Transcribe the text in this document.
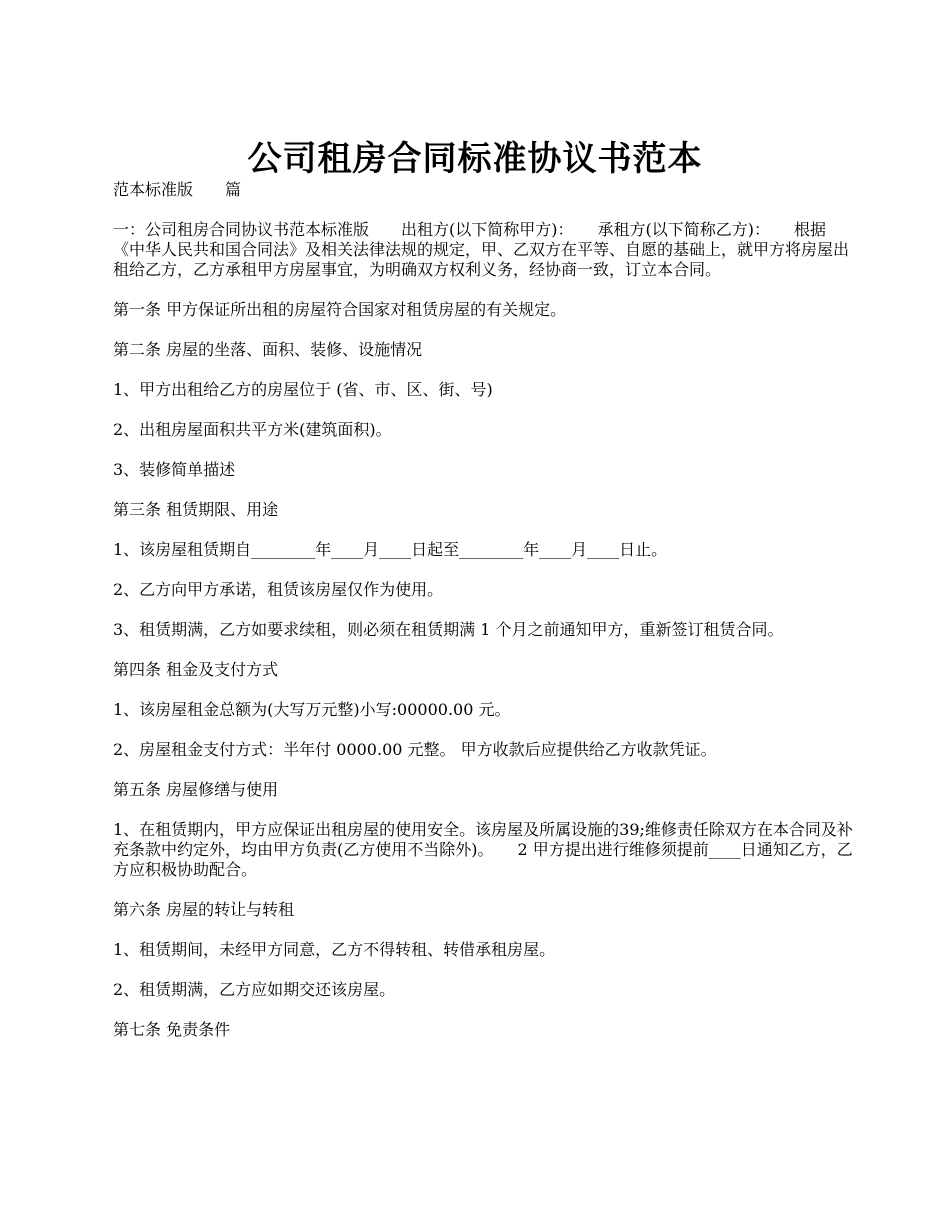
公司租房合同标准协议书范本

范本标准版　　篇

一：公司租房合同协议书范本标准版　　出租方(以下简称甲方)：　　承租方(以下简称乙方)：　　根据《中华人民共和国合同法》及相关法律法规的规定，甲、乙双方在平等、自愿的基础上，就甲方将房屋出租给乙方，乙方承租甲方房屋事宜，为明确双方权利义务，经协商一致，订立本合同。

第一条 甲方保证所出租的房屋符合国家对租赁房屋的有关规定。

第二条 房屋的坐落、面积、装修、设施情况

1、甲方出租给乙方的房屋位于 (省、市、区、街、号)

2、出租房屋面积共平方米(建筑面积)。

3、装修简单描述

第三条 租赁期限、用途

1、该房屋租赁期自________年____月____日起至________年____月____日止。

2、乙方向甲方承诺，租赁该房屋仅作为使用。

3、租赁期满，乙方如要求续租，则必须在租赁期满 1 个月之前通知甲方，重新签订租赁合同。

第四条 租金及支付方式

1、该房屋租金总额为(大写万元整)小写:00000.00 元。

2、房屋租金支付方式：半年付 0000.00 元整。 甲方收款后应提供给乙方收款凭证。

第五条 房屋修缮与使用

1、在租赁期内，甲方应保证出租房屋的使用安全。该房屋及所属设施的39;维修责任除双方在本合同及补充条款中约定外，均由甲方负责(乙方使用不当除外)。　　2 甲方提出进行维修须提前____日通知乙方，乙方应积极协助配合。

第六条 房屋的转让与转租

1、租赁期间，未经甲方同意，乙方不得转租、转借承租房屋。

2、租赁期满，乙方应如期交还该房屋。

第七条 免责条件
